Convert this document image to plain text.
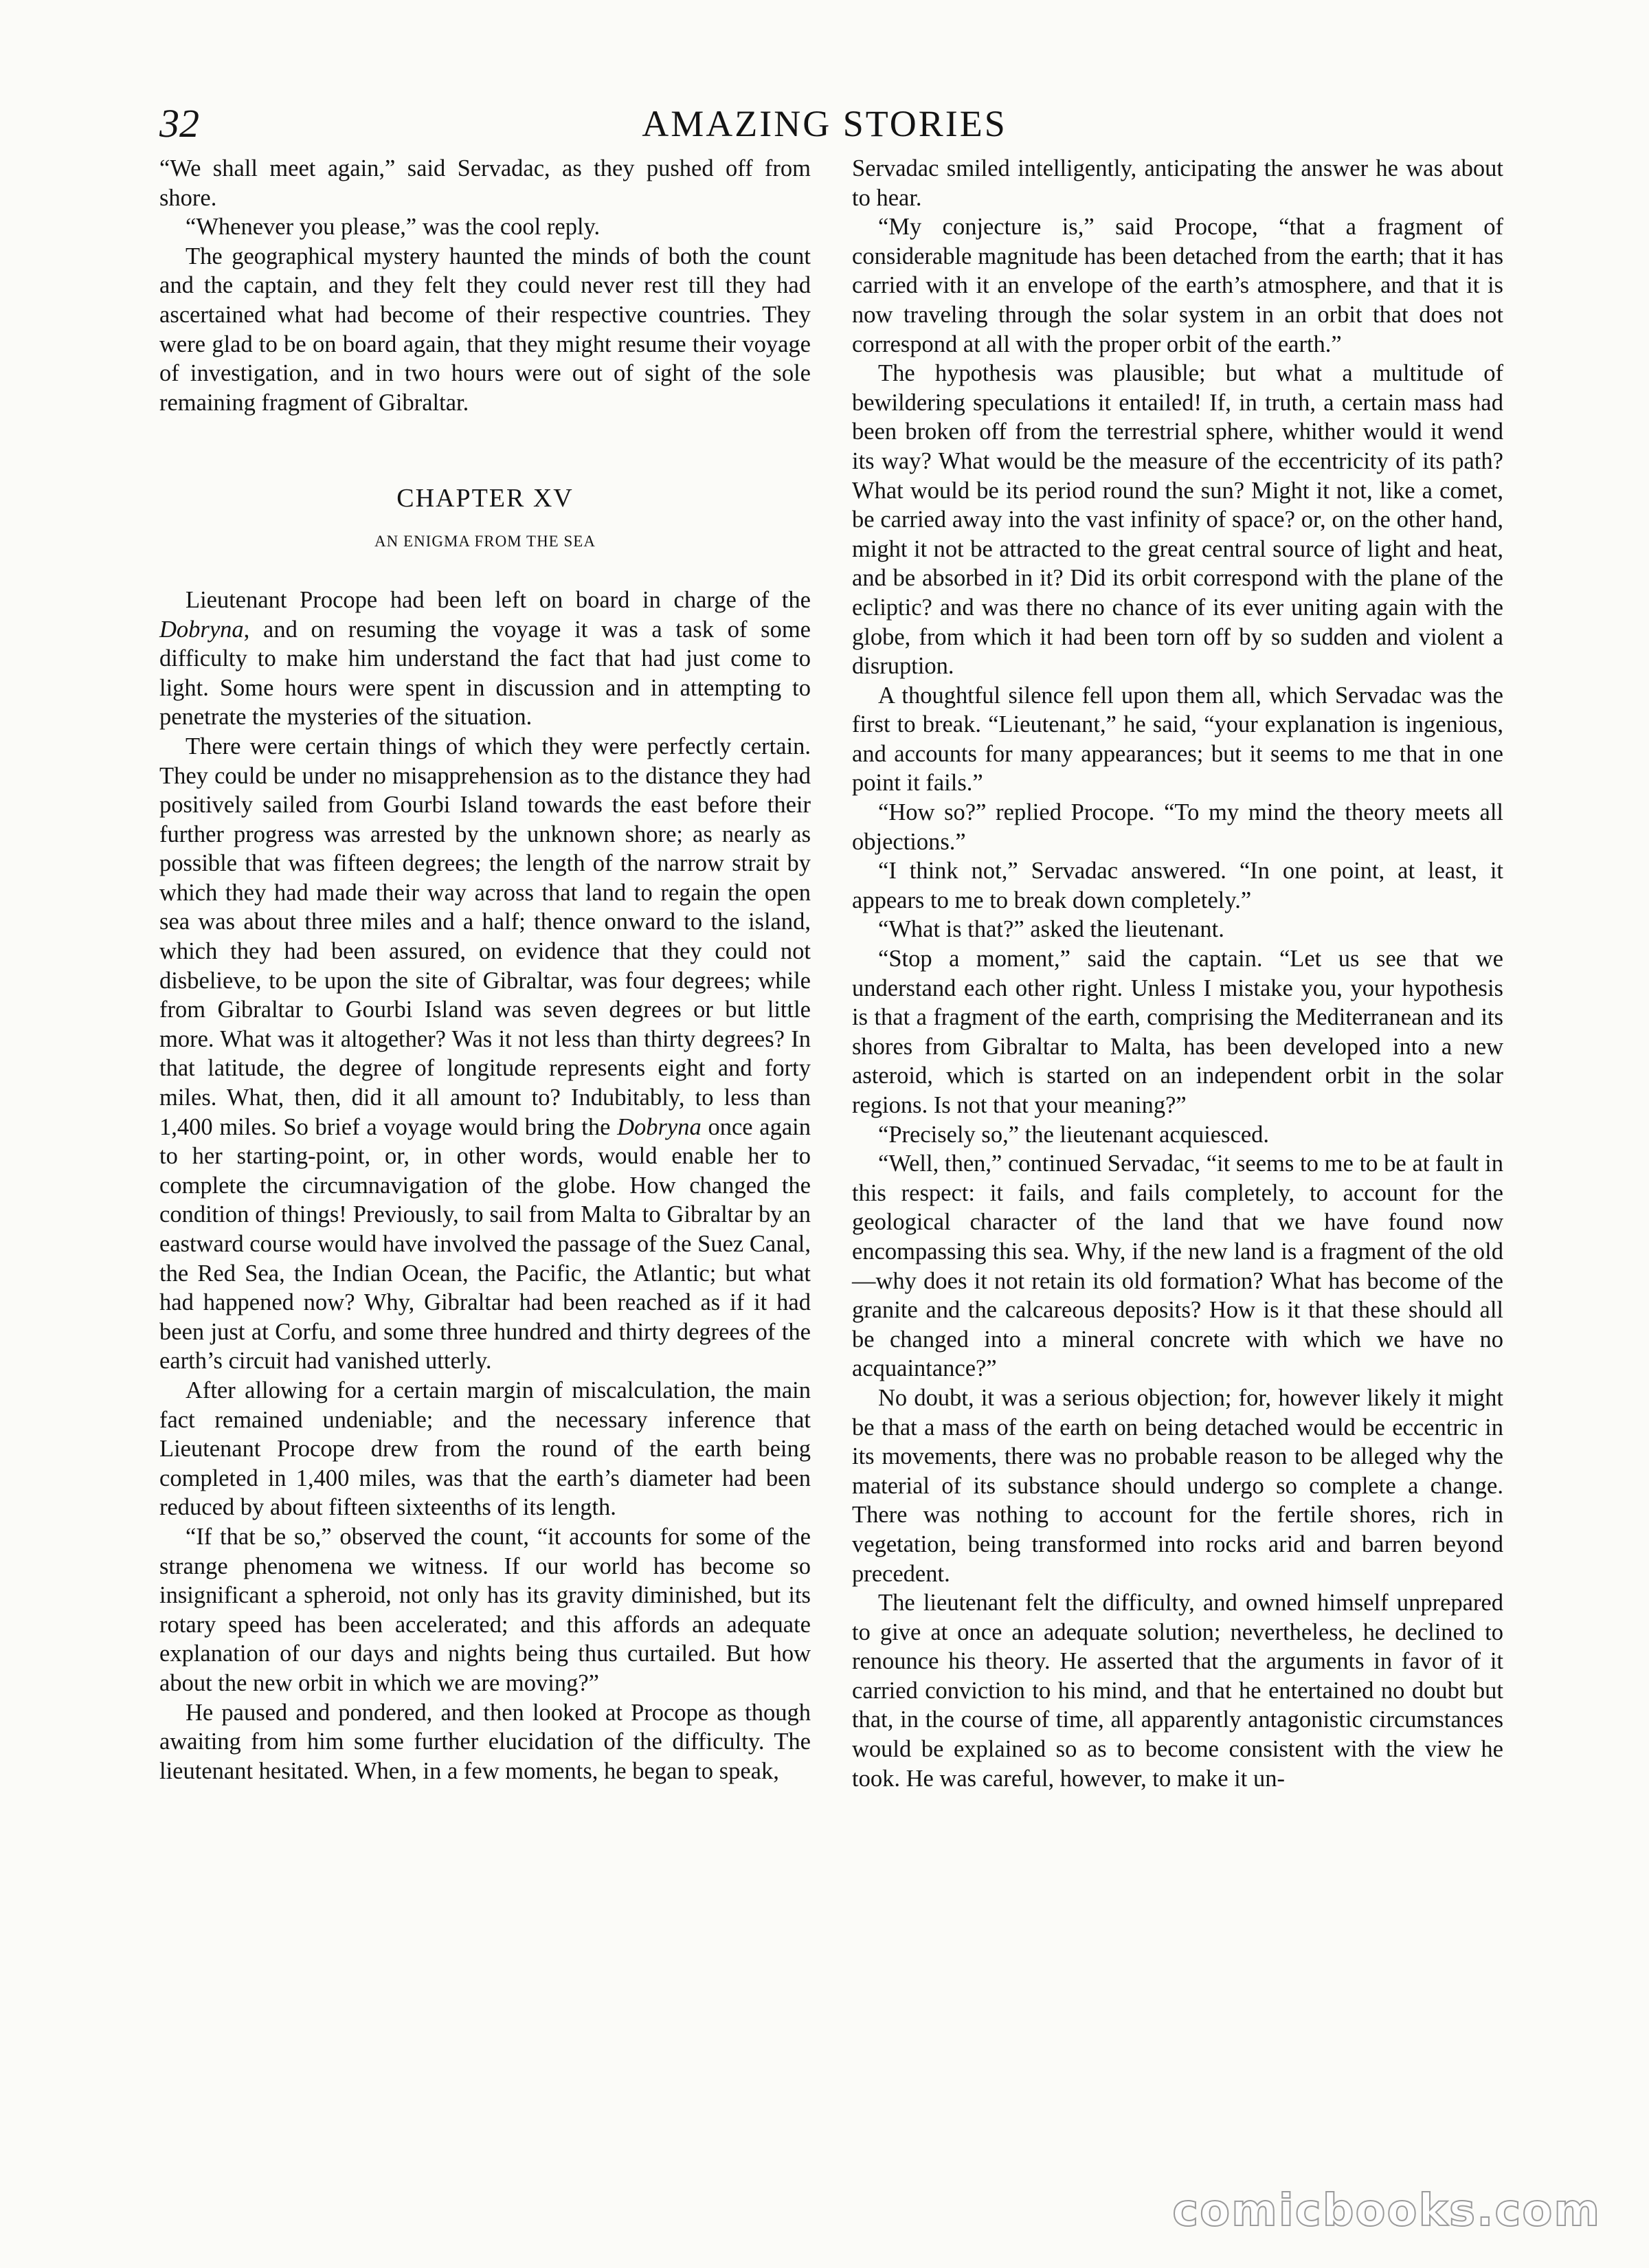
32	AMAZING STORIES

“We shall meet again,” said Servadac, as they pushed off from shore.

“Whenever you please,” was the cool reply.

The geographical mystery haunted the minds of both the count and the captain, and they felt they could never rest till they had ascertained what had become of their respective countries. They were glad to be on board again, that they might resume their voyage of investigation, and in two hours were out of sight of the sole remaining fragment of Gibraltar.

CHAPTER XV
AN ENIGMA FROM THE SEA

Lieutenant Procope had been left on board in charge of the Dobryna, and on resuming the voyage it was a task of some difficulty to make him understand the fact that had just come to light. Some hours were spent in discussion and in attempting to penetrate the mysteries of the situation.

There were certain things of which they were perfectly certain. They could be under no misapprehension as to the distance they had positively sailed from Gourbi Island towards the east before their further progress was arrested by the unknown shore; as nearly as possible that was fifteen degrees; the length of the narrow strait by which they had made their way across that land to regain the open sea was about three miles and a half; thence onward to the island, which they had been assured, on evidence that they could not disbelieve, to be upon the site of Gibraltar, was four degrees; while from Gibraltar to Gourbi Island was seven degrees or but little more. What was it altogether? Was it not less than thirty degrees? In that latitude, the degree of longitude represents eight and forty miles. What, then, did it all amount to? Indubitably, to less than 1,400 miles. So brief a voyage would bring the Dobryna once again to her starting-point, or, in other words, would enable her to complete the circumnavigation of the globe. How changed the condition of things! Previously, to sail from Malta to Gibraltar by an eastward course would have involved the passage of the Suez Canal, the Red Sea, the Indian Ocean, the Pacific, the Atlantic; but what had happened now? Why, Gibraltar had been reached as if it had been just at Corfu, and some three hundred and thirty degrees of the earth’s circuit had vanished utterly.

After allowing for a certain margin of miscalculation, the main fact remained undeniable; and the necessary inference that Lieutenant Procope drew from the round of the earth being completed in 1,400 miles, was that the earth’s diameter had been reduced by about fifteen sixteenths of its length.

“If that be so,” observed the count, “it accounts for some of the strange phenomena we witness. If our world has become so insignificant a spheroid, not only has its gravity diminished, but its rotary speed has been accelerated; and this affords an adequate explanation of our days and nights being thus curtailed. But how about the new orbit in which we are moving?”

He paused and pondered, and then looked at Procope as though awaiting from him some further elucidation of the difficulty. The lieutenant hesitated. When, in a few moments, he began to speak,

Servadac smiled intelligently, anticipating the answer he was about to hear.

“My conjecture is,” said Procope, “that a fragment of considerable magnitude has been detached from the earth; that it has carried with it an envelope of the earth’s atmosphere, and that it is now traveling through the solar system in an orbit that does not correspond at all with the proper orbit of the earth.”

The hypothesis was plausible; but what a multitude of bewildering speculations it entailed! If, in truth, a certain mass had been broken off from the terrestrial sphere, whither would it wend its way? What would be the measure of the eccentricity of its path? What would be its period round the sun? Might it not, like a comet, be carried away into the vast infinity of space? or, on the other hand, might it not be attracted to the great central source of light and heat, and be absorbed in it? Did its orbit correspond with the plane of the ecliptic? and was there no chance of its ever uniting again with the globe, from which it had been torn off by so sudden and violent a disruption.

A thoughtful silence fell upon them all, which Servadac was the first to break. “Lieutenant,” he said, “your explanation is ingenious, and accounts for many appearances; but it seems to me that in one point it fails.”

“How so?” replied Procope. “To my mind the theory meets all objections.”

“I think not,” Servadac answered. “In one point, at least, it appears to me to break down completely.”

“What is that?” asked the lieutenant.

“Stop a moment,” said the captain. “Let us see that we understand each other right. Unless I mistake you, your hypothesis is that a fragment of the earth, comprising the Mediterranean and its shores from Gibraltar to Malta, has been developed into a new asteroid, which is started on an independent orbit in the solar regions. Is not that your meaning?”

“Precisely so,” the lieutenant acquiesced.

“Well, then,” continued Servadac, “it seems to me to be at fault in this respect: it fails, and fails completely, to account for the geological character of the land that we have found now encompassing this sea. Why, if the new land is a fragment of the old —why does it not retain its old formation? What has become of the granite and the calcareous deposits? How is it that these should all be changed into a mineral concrete with which we have no acquaintance?”

No doubt, it was a serious objection; for, however likely it might be that a mass of the earth on being detached would be eccentric in its movements, there was no probable reason to be alleged why the material of its substance should undergo so complete a change. There was nothing to account for the fertile shores, rich in vegetation, being transformed into rocks arid and barren beyond precedent.

The lieutenant felt the difficulty, and owned himself unprepared to give at once an adequate solution; nevertheless, he declined to renounce his theory. He asserted that the arguments in favor of it carried conviction to his mind, and that he entertained no doubt but that, in the course of time, all apparently antagonistic circumstances would be explained so as to become consistent with the view he took. He was careful, however, to make it un-

comicbooks.com
